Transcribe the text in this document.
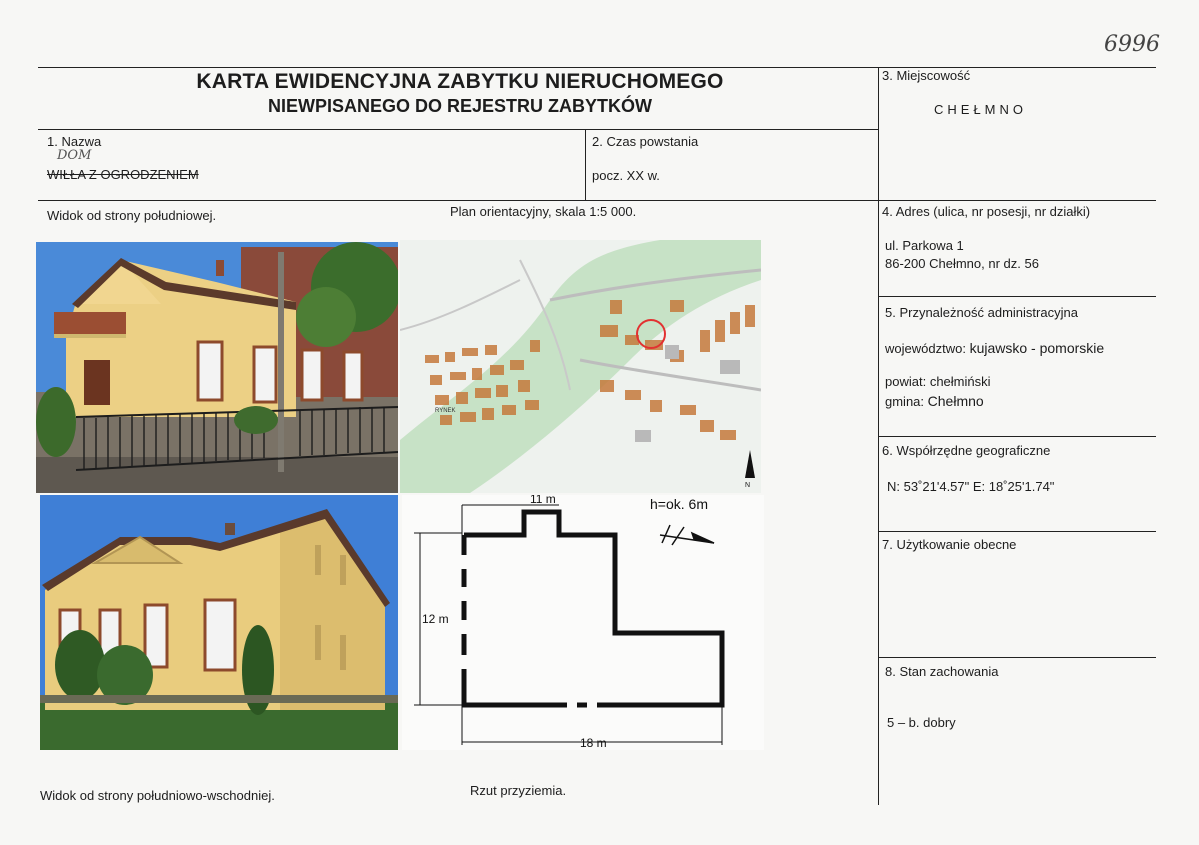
6996
KARTA EWIDENCYJNA ZABYTKU NIERUCHOMEGO
NIEWPISANEGO DO REJESTRU ZABYTKÓW
1. Nazwa
DOM
WIŁŁA Z OGRODZENIEM
2. Czas powstania
pocz. XX w.
3. Miejscowość
CHEŁMNO
4. Adres (ulica, nr posesji, nr działki)
ul. Parkowa 1
86-200 Chełmno, nr dz. 56
5. Przynależność administracyjna
województwo: kujawsko - pomorskie
powiat: chełmiński
gmina: Chełmno
6. Współrzędne geograficzne
N: 53˚21'4.57" E: 18˚25'1.74"
7. Użytkowanie obecne
8. Stan zachowania
5 – b. dobry
Widok od strony południowej.	Plan orientacyjny, skala 1:5 000.
Widok od strony południowo-wschodniej.	Rzut przyziemia.
RYNEK
N
11 m	h=ok. 6m
12 m
18 m
